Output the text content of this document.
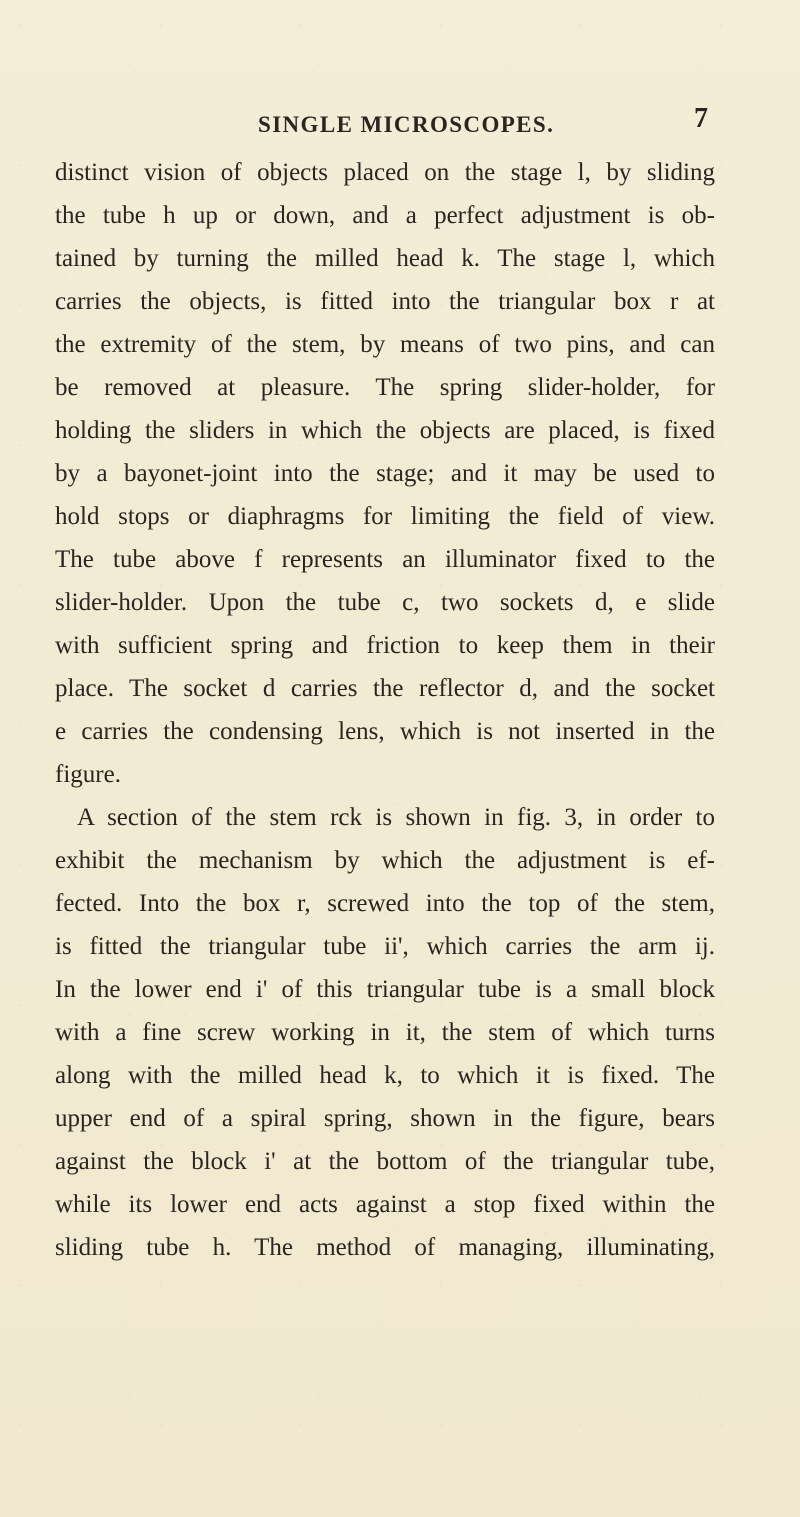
SINGLE MICROSCOPES.	7
distinct vision of objects placed on the stage l, by sliding
the tube h up or down, and a perfect adjustment is ob-
tained by turning the milled head k. The stage l, which
carries the objects, is fitted into the triangular box r at
the extremity of the stem, by means of two pins, and can
be removed at pleasure. The spring slider-holder, for
holding the sliders in which the objects are placed, is fixed
by a bayonet-joint into the stage; and it may be used to
hold stops or diaphragms for limiting the field of view.
The tube above f represents an illuminator fixed to the
slider-holder. Upon the tube c, two sockets d, e slide
with sufficient spring and friction to keep them in their
place. The socket d carries the reflector d, and the socket
e carries the condensing lens, which is not inserted in the
figure.
A section of the stem rck is shown in fig. 3, in order to
exhibit the mechanism by which the adjustment is ef-
fected. Into the box r, screwed into the top of the stem,
is fitted the triangular tube ii', which carries the arm ij.
In the lower end i' of this triangular tube is a small block
with a fine screw working in it, the stem of which turns
along with the milled head k, to which it is fixed. The
upper end of a spiral spring, shown in the figure, bears
against the block i' at the bottom of the triangular tube,
while its lower end acts against a stop fixed within the
sliding tube h. The method of managing, illuminating,
